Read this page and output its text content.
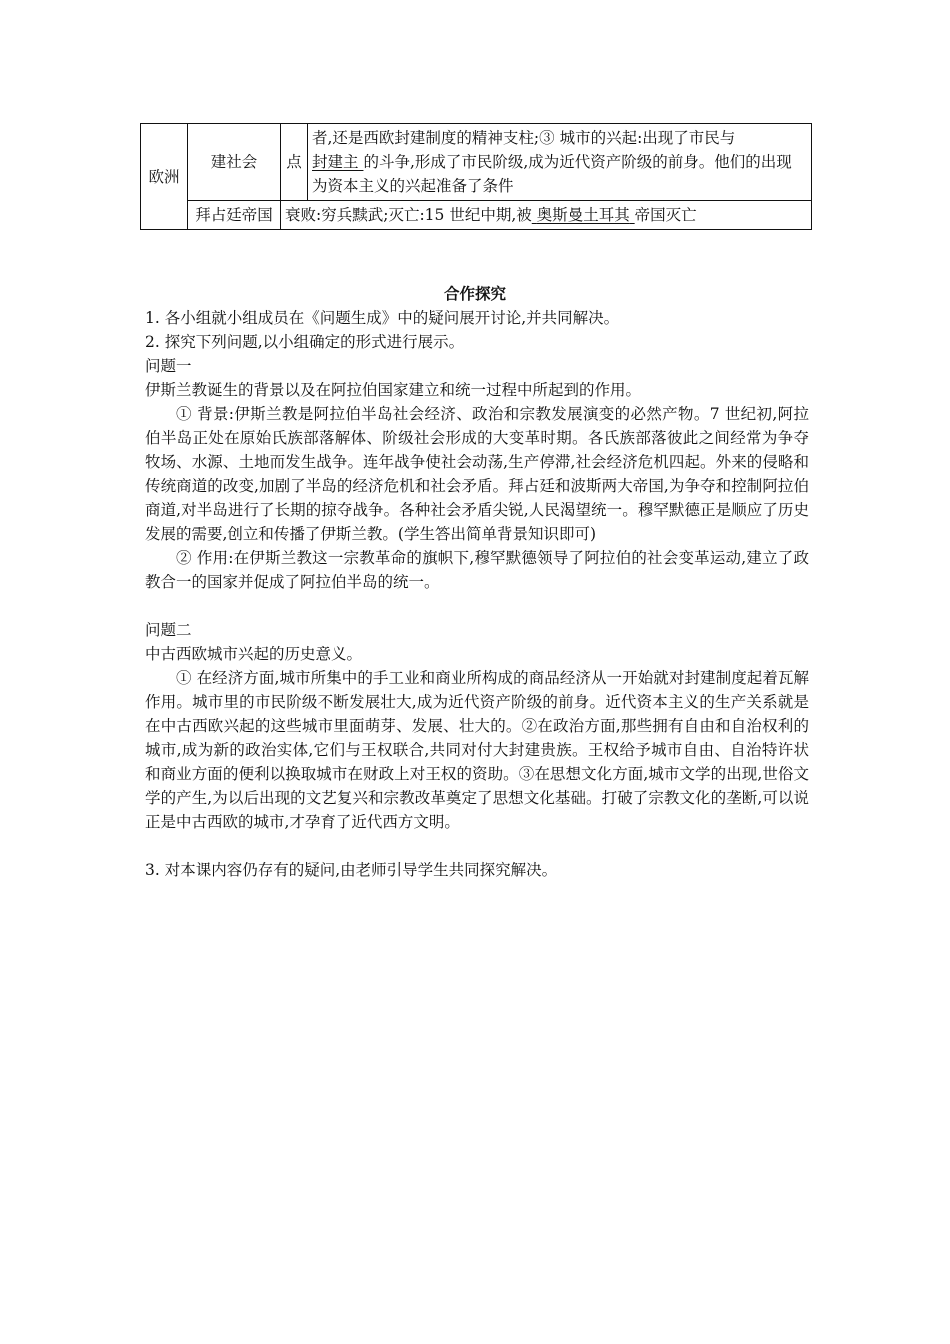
欧洲	建社会	点	者,还是西欧封建制度的精神支柱;③ 城市的兴起:出现了市民与
封建主 的斗争,形成了市民阶级,成为近代资产阶级的前身。他们的出现为资本主义的兴起准备了条件
	拜占廷帝国	衰败:穷兵黩武;灭亡:15 世纪中期,被 奥斯曼土耳其 帝国灭亡	
合作探究

1. 各小组就小组成员在《问题生成》中的疑问展开讨论,并共同解决。

2. 探究下列问题,以小组确定的形式进行展示。

问题一

伊斯兰教诞生的背景以及在阿拉伯国家建立和统一过程中所起到的作用。

① 背景:伊斯兰教是阿拉伯半岛社会经济、政治和宗教发展演变的必然产物。7 世纪初,阿拉伯半岛正处在原始氏族部落解体、阶级社会形成的大变革时期。各氏族部落彼此之间经常为争夺牧场、水源、土地而发生战争。连年战争使社会动荡,生产停滞,社会经济危机四起。外来的侵略和传统商道的改变,加剧了半岛的经济危机和社会矛盾。拜占廷和波斯两大帝国,为争夺和控制阿拉伯商道,对半岛进行了长期的掠夺战争。各种社会矛盾尖锐,人民渴望统一。穆罕默德正是顺应了历史发展的需要,创立和传播了伊斯兰教。(学生答出简单背景知识即可)

② 作用:在伊斯兰教这一宗教革命的旗帜下,穆罕默德领导了阿拉伯的社会变革运动,建立了政教合一的国家并促成了阿拉伯半岛的统一。

问题二

中古西欧城市兴起的历史意义。

① 在经济方面,城市所集中的手工业和商业所构成的商品经济从一开始就对封建制度起着瓦解作用。城市里的市民阶级不断发展壮大,成为近代资产阶级的前身。近代资本主义的生产关系就是在中古西欧兴起的这些城市里面萌芽、发展、壮大的。②在政治方面,那些拥有自由和自治权利的城市,成为新的政治实体,它们与王权联合,共同对付大封建贵族。王权给予城市自由、自治特许状和商业方面的便利以换取城市在财政上对王权的资助。③在思想文化方面,城市文学的出现,世俗文学的产生,为以后出现的文艺复兴和宗教改革奠定了思想文化基础。打破了宗教文化的垄断,可以说正是中古西欧的城市,才孕育了近代西方文明。

3. 对本课内容仍存有的疑问,由老师引导学生共同探究解决。
